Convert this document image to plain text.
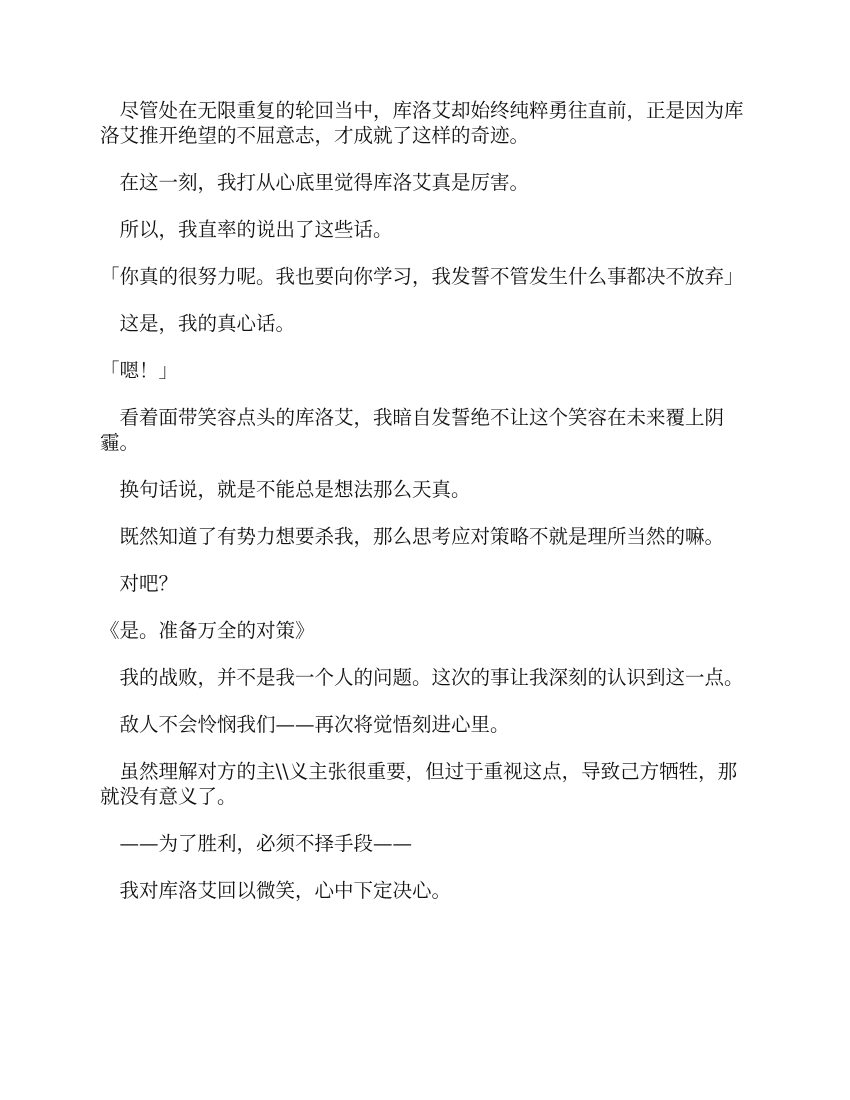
　尽管处在无限重复的轮回当中，库洛艾却始终纯粹勇往直前，正是因为库洛艾推开绝望的不屈意志，才成就了这样的奇迹。

　在这一刻，我打从心底里觉得库洛艾真是厉害。

　所以，我直率的说出了这些话。

「你真的很努力呢。我也要向你学习，我发誓不管发生什么事都决不放弃」

　这是，我的真心话。

「嗯！」

　看着面带笑容点头的库洛艾，我暗自发誓绝不让这个笑容在未来覆上阴霾。

　换句话说，就是不能总是想法那么天真。

　既然知道了有势力想要杀我，那么思考应对策略不就是理所当然的嘛。

　对吧？

《是。准备万全的对策》

　我的战败，并不是我一个人的问题。这次的事让我深刻的认识到这一点。

　敌人不会怜悯我们——再次将觉悟刻进心里。

　虽然理解对方的主\\义主张很重要，但过于重视这点，导致己方牺牲，那就没有意义了。

　——为了胜利，必须不择手段——

　我对库洛艾回以微笑，心中下定决心。
